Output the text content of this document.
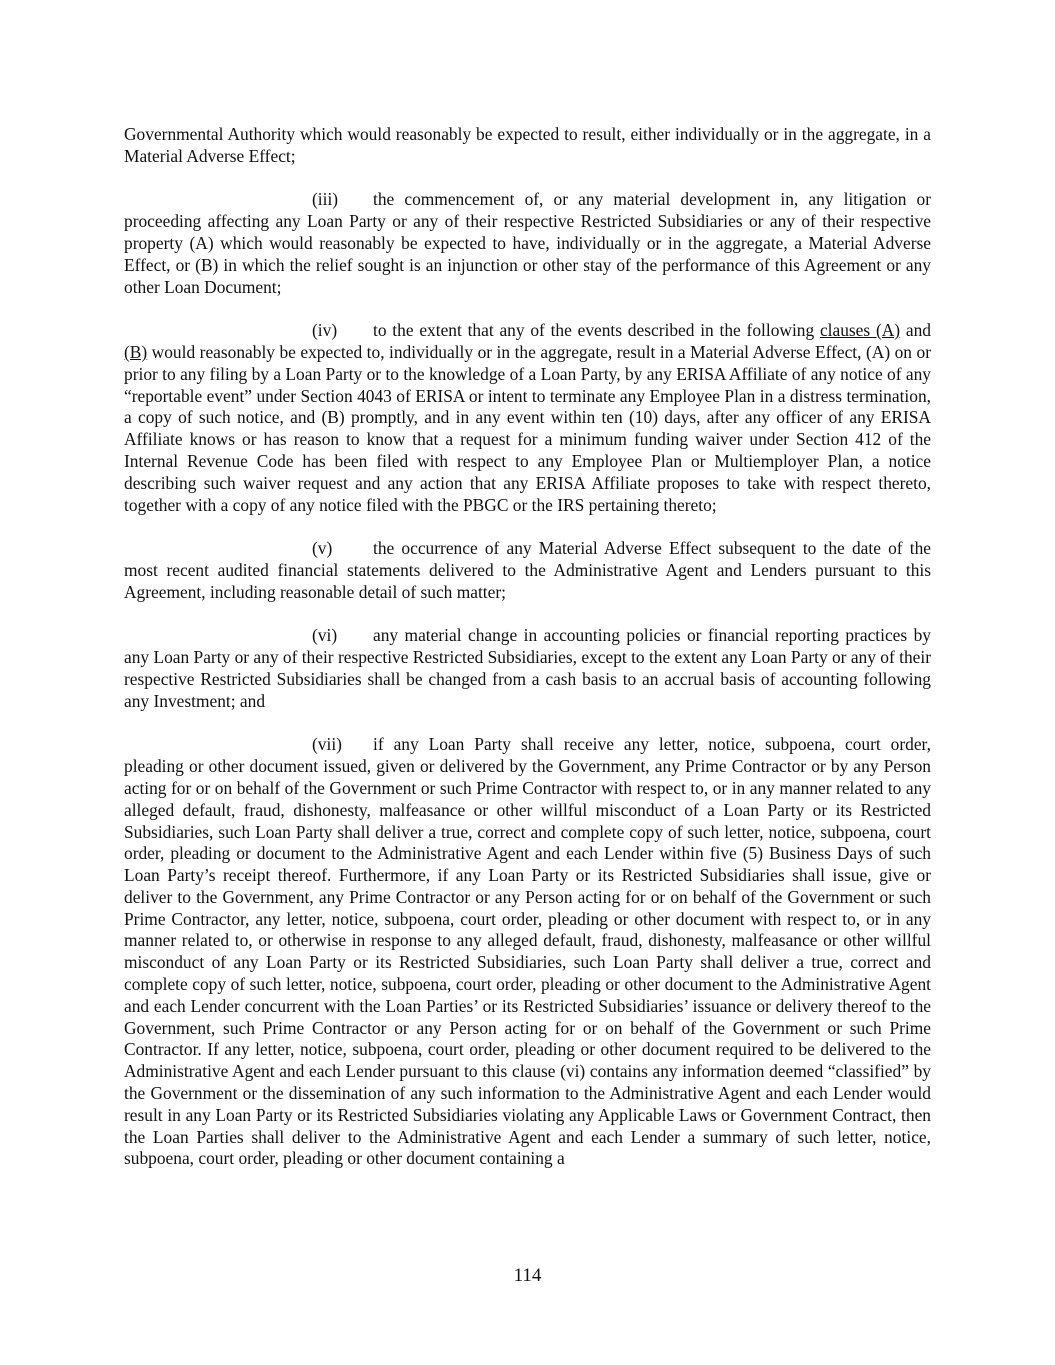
Governmental Authority which would reasonably be expected to result, either individually or in the aggregate, in a Material Adverse Effect;

(iii) the commencement of, or any material development in, any litigation or proceeding affecting any Loan Party or any of their respective Restricted Subsidiaries or any of their respective property (A) which would reasonably be expected to have, individually or in the aggregate, a Material Adverse Effect, or (B) in which the relief sought is an injunction or other stay of the performance of this Agreement or any other Loan Document;

(iv) to the extent that any of the events described in the following clauses (A) and (B) would reasonably be expected to, individually or in the aggregate, result in a Material Adverse Effect, (A) on or prior to any filing by a Loan Party or to the knowledge of a Loan Party, by any ERISA Affiliate of any notice of any “reportable event” under Section 4043 of ERISA or intent to terminate any Employee Plan in a distress termination, a copy of such notice, and (B) promptly, and in any event within ten (10) days, after any officer of any ERISA Affiliate knows or has reason to know that a request for a minimum funding waiver under Section 412 of the Internal Revenue Code has been filed with respect to any Employee Plan or Multiemployer Plan, a notice describing such waiver request and any action that any ERISA Affiliate proposes to take with respect thereto, together with a copy of any notice filed with the PBGC or the IRS pertaining thereto;

(v) the occurrence of any Material Adverse Effect subsequent to the date of the most recent audited financial statements delivered to the Administrative Agent and Lenders pursuant to this Agreement, including reasonable detail of such matter;

(vi) any material change in accounting policies or financial reporting practices by any Loan Party or any of their respective Restricted Subsidiaries, except to the extent any Loan Party or any of their respective Restricted Subsidiaries shall be changed from a cash basis to an accrual basis of accounting following any Investment; and

(vii) if any Loan Party shall receive any letter, notice, subpoena, court order, pleading or other document issued, given or delivered by the Government, any Prime Contractor or by any Person acting for or on behalf of the Government or such Prime Contractor with respect to, or in any manner related to any alleged default, fraud, dishonesty, malfeasance or other willful misconduct of a Loan Party or its Restricted Subsidiaries, such Loan Party shall deliver a true, correct and complete copy of such letter, notice, subpoena, court order, pleading or document to the Administrative Agent and each Lender within five (5) Business Days of such Loan Party’s receipt thereof. Furthermore, if any Loan Party or its Restricted Subsidiaries shall issue, give or deliver to the Government, any Prime Contractor or any Person acting for or on behalf of the Government or such Prime Contractor, any letter, notice, subpoena, court order, pleading or other document with respect to, or in any manner related to, or otherwise in response to any alleged default, fraud, dishonesty, malfeasance or other willful misconduct of any Loan Party or its Restricted Subsidiaries, such Loan Party shall deliver a true, correct and complete copy of such letter, notice, subpoena, court order, pleading or other document to the Administrative Agent and each Lender concurrent with the Loan Parties’ or its Restricted Subsidiaries’ issuance or delivery thereof to the Government, such Prime Contractor or any Person acting for or on behalf of the Government or such Prime Contractor. If any letter, notice, subpoena, court order, pleading or other document required to be delivered to the Administrative Agent and each Lender pursuant to this clause (vi) contains any information deemed “classified” by the Government or the dissemination of any such information to the Administrative Agent and each Lender would result in any Loan Party or its Restricted Subsidiaries violating any Applicable Laws or Government Contract, then the Loan Parties shall deliver to the Administrative Agent and each Lender a summary of such letter, notice, subpoena, court order, pleading or other document containing a

114
